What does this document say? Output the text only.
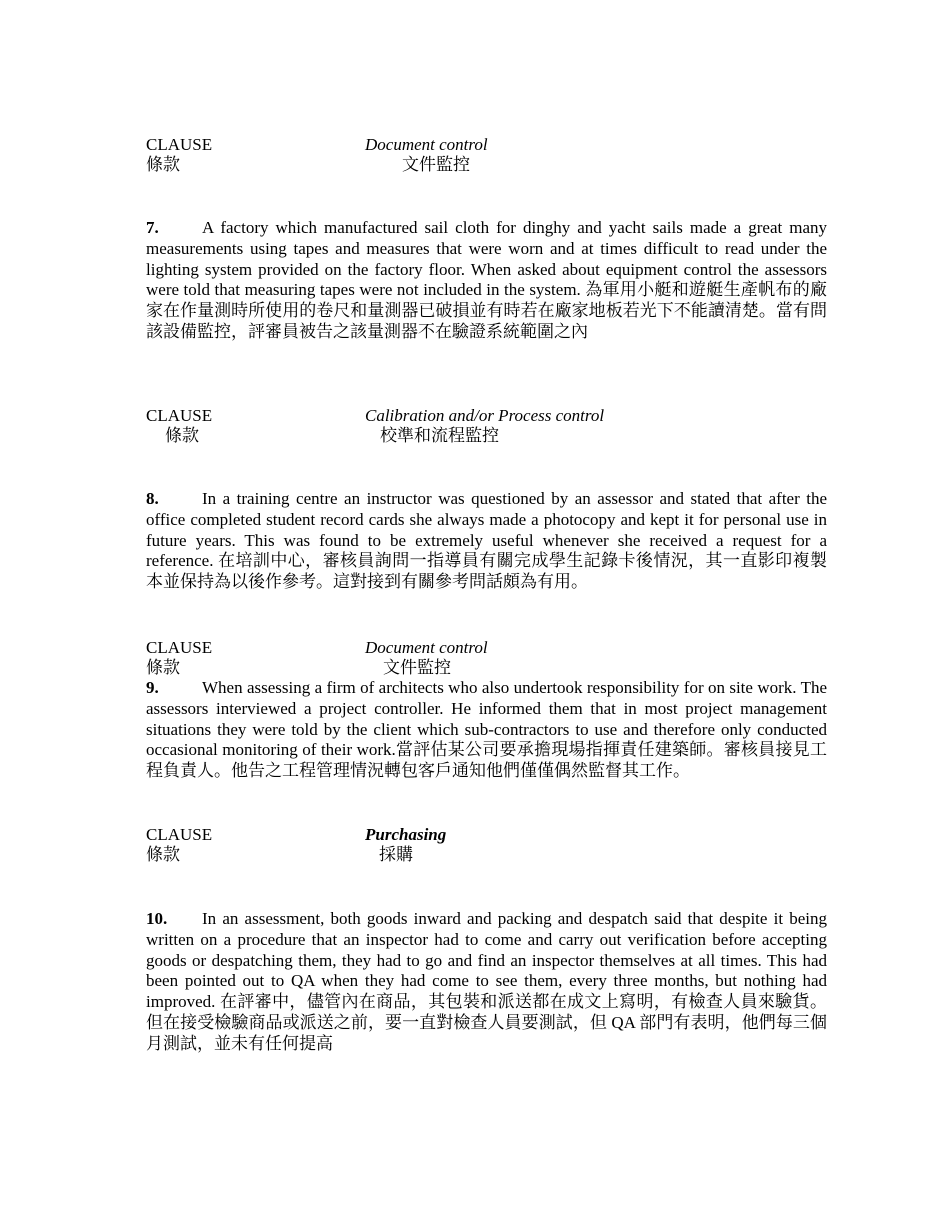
CLAUSE	Document control
條款	文件監控

7.	A factory which manufactured sail cloth for dinghy and yacht sails made a great many measurements using tapes and measures that were worn and at times difficult to read under the lighting system provided on the factory floor. When asked about equipment control the assessors were told that measuring tapes were not included in the system. 為軍用小艇和遊艇生產帆布的廠家在作量測時所使用的卷尺和量測器已破損並有時若在廠家地板若光下不能讀清楚。當有問該設備監控，評審員被告之該量測器不在驗證系統範圍之內

CLAUSE	Calibration and/or Process control
條款	校準和流程監控

8.	In a training centre an instructor was questioned by an assessor and stated that after the office completed student record cards she always made a photocopy and kept it for personal use in future years. This was found to be extremely useful whenever she received a request for a reference. 在培訓中心，審核員詢問一指導員有關完成學生記錄卡後情況，其一直影印複製本並保持為以後作參考。這對接到有關參考問話頗為有用。

CLAUSE	Document control
條款	文件監控

9.	When assessing a firm of architects who also undertook responsibility for on site work. The assessors interviewed a project controller. He informed them that in most project management situations they were told by the client which sub-contractors to use and therefore only conducted occasional monitoring of their work.當評估某公司要承擔現場指揮責任建築師。審核員接見工程負責人。他告之工程管理情況轉包客戶通知他們僅僅偶然監督其工作。

CLAUSE	Purchasing
條款	採購

10. In an assessment, both goods inward and packing and despatch said that despite it being written on a procedure that an inspector had to come and carry out verification before accepting goods or despatching them, they had to go and find an inspector themselves at all times. This had been pointed out to QA when they had come to see them, every three months, but nothing had improved. 在評審中，儘管內在商品，其包裝和派送都在成文上寫明，有檢查人員來驗貨。但在接受檢驗商品或派送之前，要一直對檢查人員要測試，但 QA 部門有表明，他們每三個月測試，並未有任何提高
